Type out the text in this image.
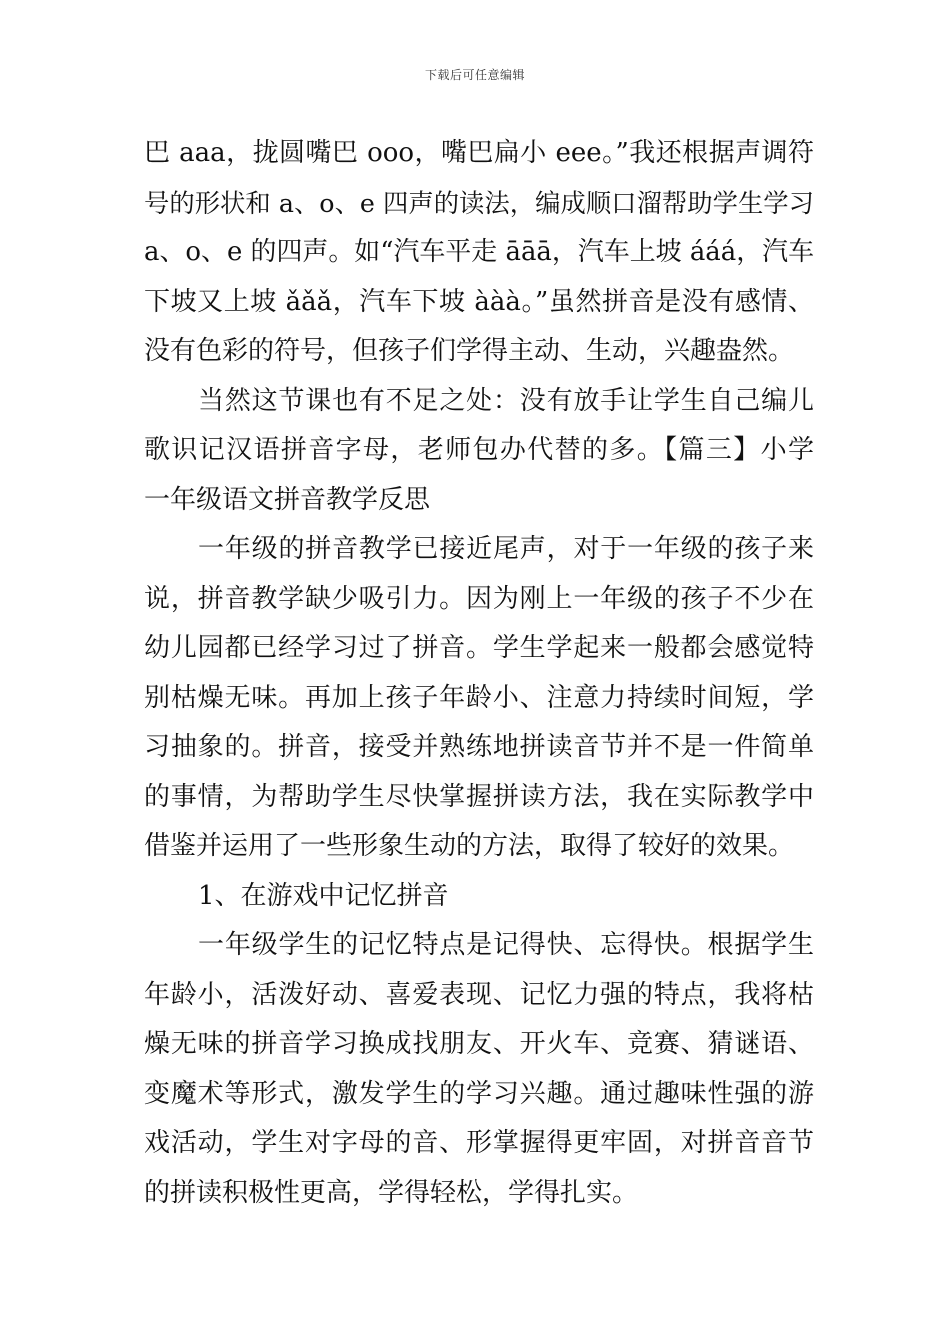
下载后可任意编辑
巴 aaa，拢圆嘴巴 ooo，嘴巴扁小 eee。”我还根据声调符
号的形状和 a、o、e 四声的读法，编成顺口溜帮助学生学习
a、o、e 的四声。如“汽车平走 āāā，汽车上坡 ááá，汽车
下坡又上坡 ǎǎǎ，汽车下坡 ààà。”虽然拼音是没有感情、
没有色彩的符号，但孩子们学得主动、生动，兴趣盎然。
当然这节课也有不足之处：没有放手让学生自己编儿
歌识记汉语拼音字母，老师包办代替的多。【篇三】小学
一年级语文拼音教学反思
一年级的拼音教学已接近尾声，对于一年级的孩子来
说，拼音教学缺少吸引力。因为刚上一年级的孩子不少在
幼儿园都已经学习过了拼音。学生学起来一般都会感觉特
别枯燥无味。再加上孩子年龄小、注意力持续时间短，学
习抽象的。拼音，接受并熟练地拼读音节并不是一件简单
的事情，为帮助学生尽快掌握拼读方法，我在实际教学中
借鉴并运用了一些形象生动的方法，取得了较好的效果。
1、在游戏中记忆拼音
一年级学生的记忆特点是记得快、忘得快。根据学生
年龄小，活泼好动、喜爱表现、记忆力强的特点，我将枯
燥无味的拼音学习换成找朋友、开火车、竞赛、猜谜语、
变魔术等形式，激发学生的学习兴趣。通过趣味性强的游
戏活动，学生对字母的音、形掌握得更牢固，对拼音音节
的拼读积极性更高，学得轻松，学得扎实。
